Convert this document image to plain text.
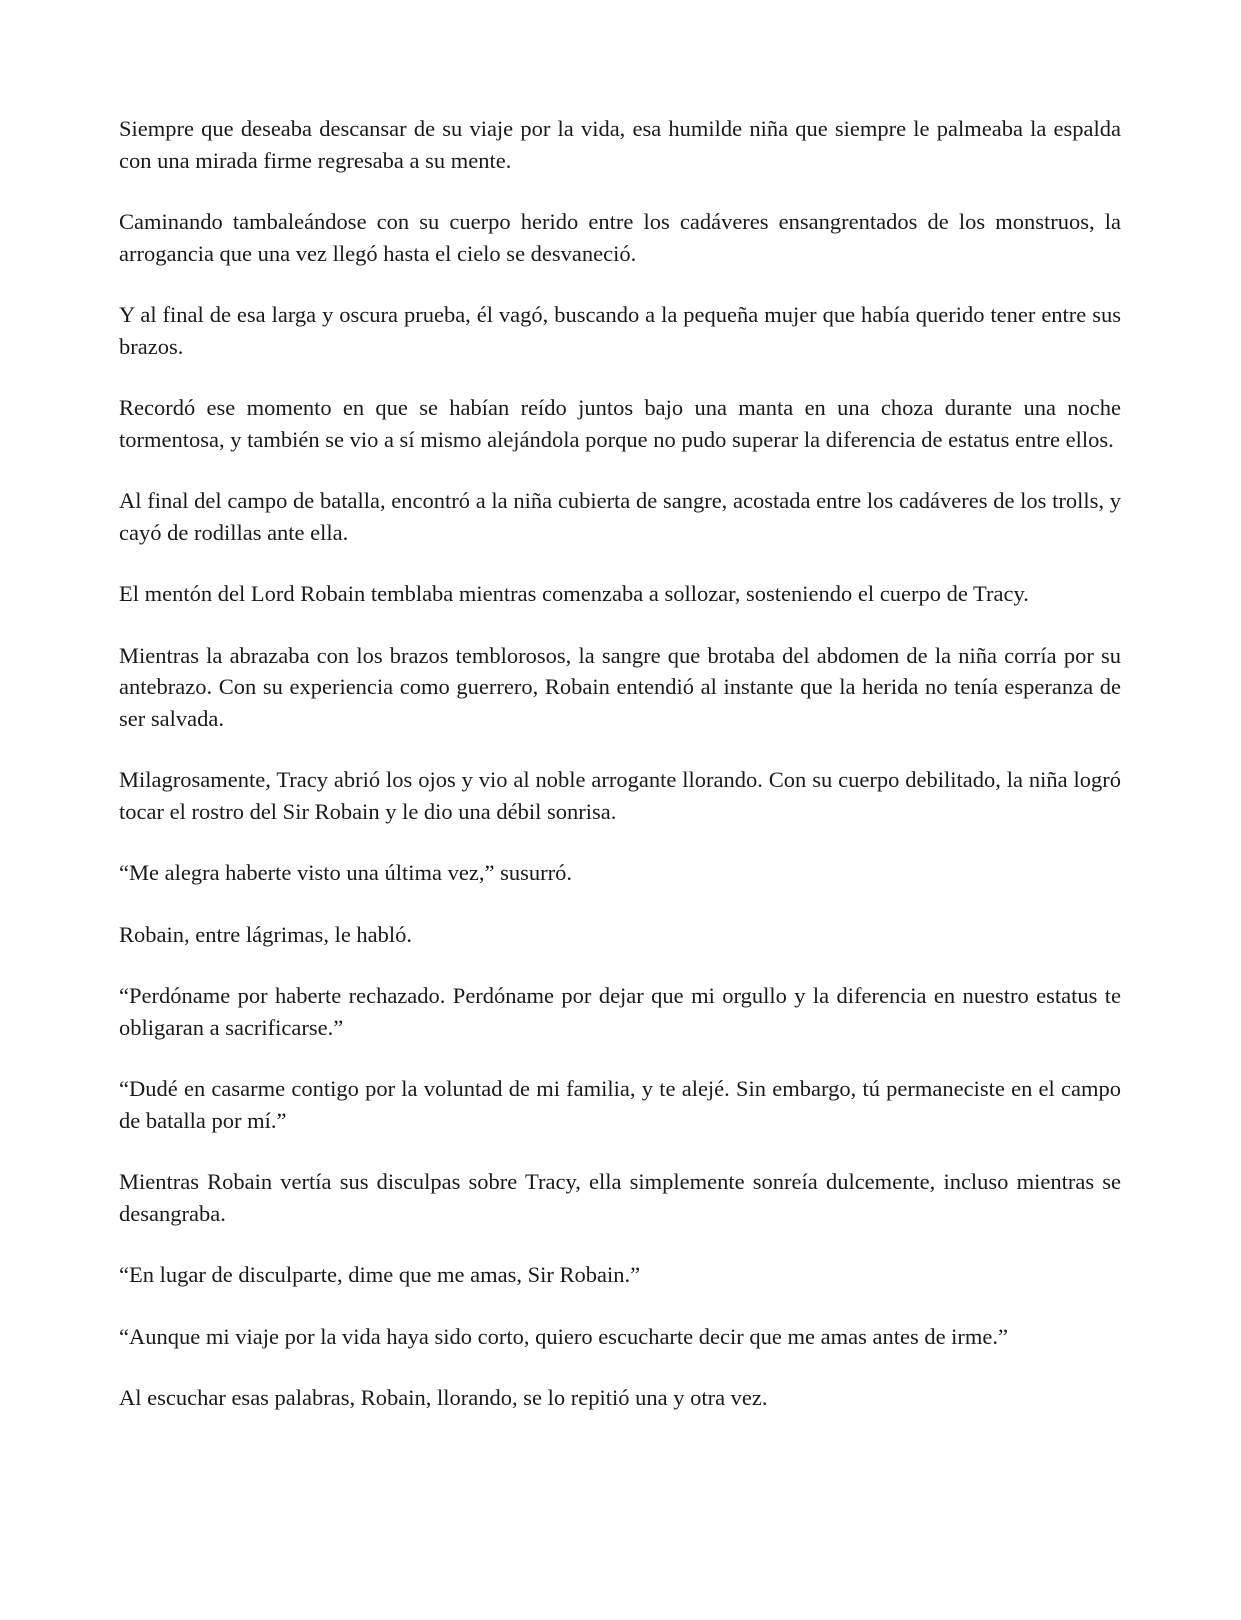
Siempre que deseaba descansar de su viaje por la vida, esa humilde niña que siempre le palmeaba la espalda con una mirada firme regresaba a su mente.

Caminando tambaleándose con su cuerpo herido entre los cadáveres ensangrentados de los monstruos, la arrogancia que una vez llegó hasta el cielo se desvaneció.

Y al final de esa larga y oscura prueba, él vagó, buscando a la pequeña mujer que había querido tener entre sus brazos.

Recordó ese momento en que se habían reído juntos bajo una manta en una choza durante una noche tormentosa, y también se vio a sí mismo alejándola porque no pudo superar la diferencia de estatus entre ellos.

Al final del campo de batalla, encontró a la niña cubierta de sangre, acostada entre los cadáveres de los trolls, y cayó de rodillas ante ella.

El mentón del Lord Robain temblaba mientras comenzaba a sollozar, sosteniendo el cuerpo de Tracy.

Mientras la abrazaba con los brazos temblorosos, la sangre que brotaba del abdomen de la niña corría por su antebrazo. Con su experiencia como guerrero, Robain entendió al instante que la herida no tenía esperanza de ser salvada.

Milagrosamente, Tracy abrió los ojos y vio al noble arrogante llorando. Con su cuerpo debilitado, la niña logró tocar el rostro del Sir Robain y le dio una débil sonrisa.

“Me alegra haberte visto una última vez,” susurró.

Robain, entre lágrimas, le habló.

“Perdóname por haberte rechazado. Perdóname por dejar que mi orgullo y la diferencia en nuestro estatus te obligaran a sacrificarse.”

“Dudé en casarme contigo por la voluntad de mi familia, y te alejé. Sin embargo, tú permaneciste en el campo de batalla por mí.”

Mientras Robain vertía sus disculpas sobre Tracy, ella simplemente sonreía dulcemente, incluso mientras se desangraba.

“En lugar de disculparte, dime que me amas, Sir Robain.”

“Aunque mi viaje por la vida haya sido corto, quiero escucharte decir que me amas antes de irme.”

Al escuchar esas palabras, Robain, llorando, se lo repitió una y otra vez.
